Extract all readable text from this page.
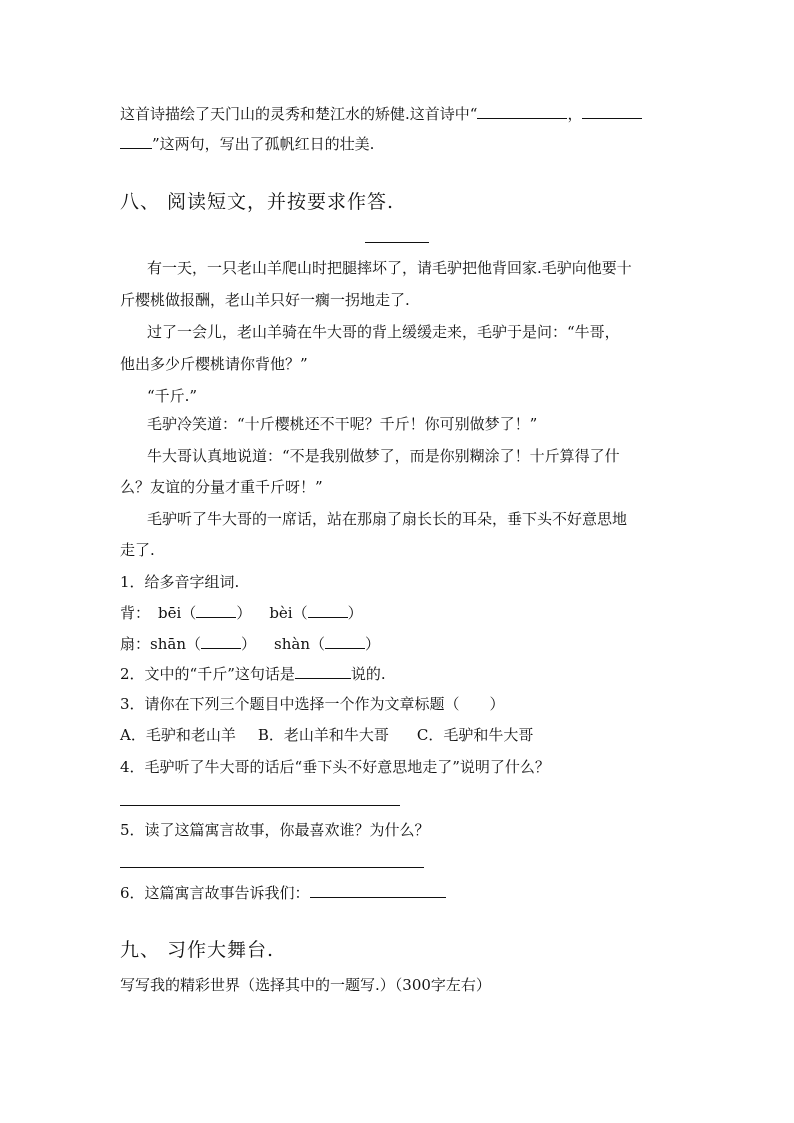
这首诗描绘了天门山的灵秀和楚江水的矫健.这首诗中“	，
”这两句，写出了孤帆红日的壮美.
八、 阅读短文，并按要求作答.
有一天，一只老山羊爬山时把腿摔坏了，请毛驴把他背回家.毛驴向他要十
斤樱桃做报酬，老山羊只好一瘸一拐地走了.
过了一会儿，老山羊骑在牛大哥的背上缓缓走来，毛驴于是问：“牛哥，
他出多少斤樱桃请你背他？”
“千斤.”
毛驴冷笑道：“十斤樱桃还不干呢？千斤！你可别做梦了！”
牛大哥认真地说道：“不是我别做梦了，而是你别糊涂了！十斤算得了什
么？友谊的分量才重千斤呀！”
毛驴听了牛大哥的一席话，站在那扇了扇长长的耳朵，垂下头不好意思地
走了.
1．给多音字组词.
背： bēi（	） bèi（	）
扇：shān（	） shàn（	）
2．文中的“千斤”这句话是	说的.
3．请你在下列三个题目中选择一个作为文章标题（　　）
A．毛驴和老山羊 B．老山羊和牛大哥 C．毛驴和牛大哥
4．毛驴听了牛大哥的话后“垂下头不好意思地走了”说明了什么？
5．读了这篇寓言故事，你最喜欢谁？为什么？
6．这篇寓言故事告诉我们：
九、 习作大舞台.
写写我的精彩世界（选择其中的一题写.）（300字左右）
